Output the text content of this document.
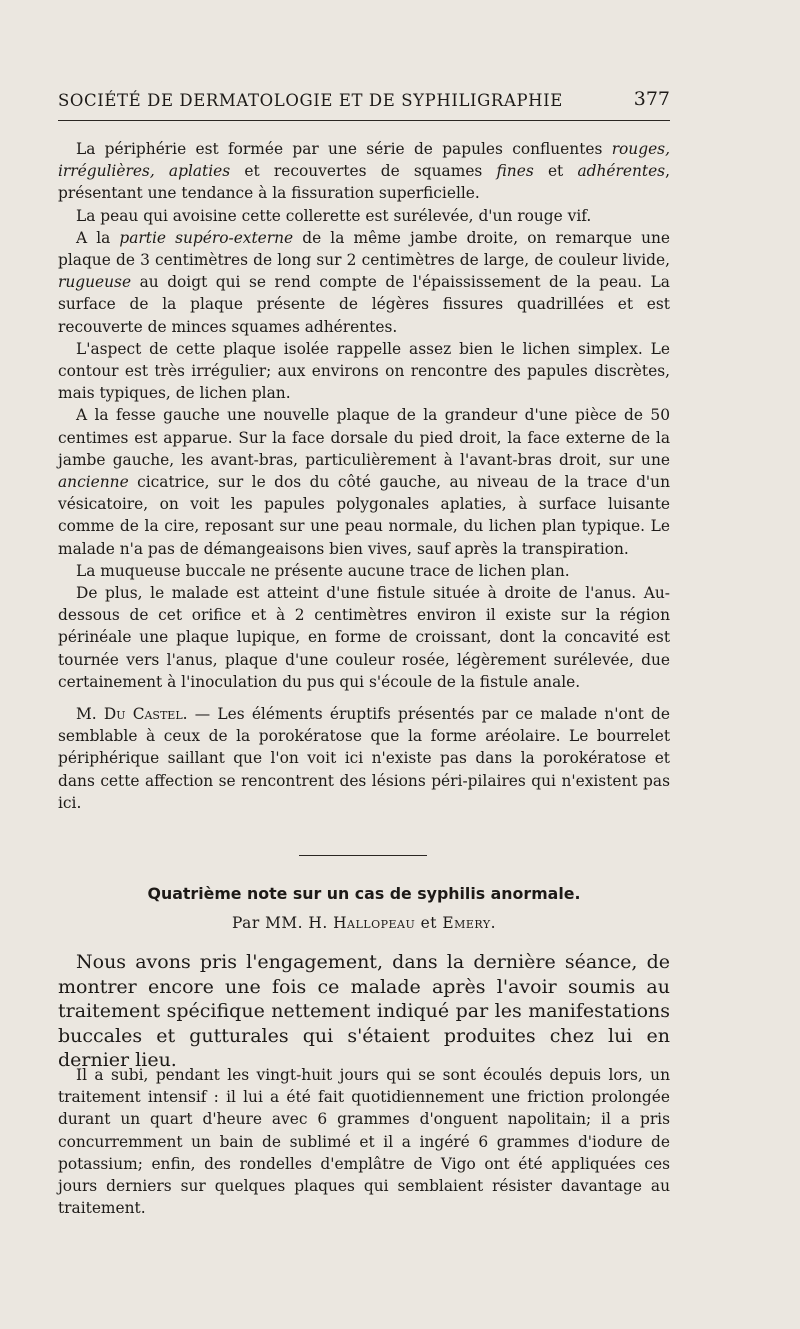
SOCIÉTÉ DE DERMATOLOGIE ET DE SYPHILIGRAPHIE	377

La périphérie est formée par une série de papules confluentes rouges, irrégulières, aplaties et recouvertes de squames fines et adhérentes, présentant une tendance à la fissuration superficielle.

La peau qui avoisine cette collerette est surélevée, d'un rouge vif.

A la partie supéro-externe de la même jambe droite, on remarque une plaque de 3 centimètres de long sur 2 centimètres de large, de couleur livide, rugueuse au doigt qui se rend compte de l'épaississement de la peau. La surface de la plaque présente de légères fissures quadrillées et est recouverte de minces squames adhérentes.

L'aspect de cette plaque isolée rappelle assez bien le lichen simplex. Le contour est très irrégulier; aux environs on rencontre des papules discrètes, mais typiques, de lichen plan.

A la fesse gauche une nouvelle plaque de la grandeur d'une pièce de 50 centimes est apparue. Sur la face dorsale du pied droit, la face externe de la jambe gauche, les avant-bras, particulièrement à l'avant-bras droit, sur une ancienne cicatrice, sur le dos du côté gauche, au niveau de la trace d'un vésicatoire, on voit les papules polygonales aplaties, à surface luisante comme de la cire, reposant sur une peau normale, du lichen plan typique. Le malade n'a pas de démangeaisons bien vives, sauf après la transpiration.

La muqueuse buccale ne présente aucune trace de lichen plan.

De plus, le malade est atteint d'une fistule située à droite de l'anus. Au-dessous de cet orifice et à 2 centimètres environ il existe sur la région périnéale une plaque lupique, en forme de croissant, dont la concavité est tournée vers l'anus, plaque d'une couleur rosée, légèrement surélevée, due certainement à l'inoculation du pus qui s'écoule de la fistule anale.

M. Du Castel. — Les éléments éruptifs présentés par ce malade n'ont de semblable à ceux de la porokératose que la forme aréolaire. Le bourrelet périphérique saillant que l'on voit ici n'existe pas dans la porokératose et dans cette affection se rencontrent des lésions péri-pilaires qui n'existent pas ici.

Quatrième note sur un cas de syphilis anormale.
Par MM. H. Hallopeau et Emery.

Nous avons pris l'engagement, dans la dernière séance, de montrer encore une fois ce malade après l'avoir soumis au traitement spécifique nettement indiqué par les manifestations buccales et gutturales qui s'étaient produites chez lui en dernier lieu.

Il a subi, pendant les vingt-huit jours qui se sont écoulés depuis lors, un traitement intensif : il lui a été fait quotidiennement une friction prolongée durant un quart d'heure avec 6 grammes d'onguent napolitain; il a pris concurremment un bain de sublimé et il a ingéré 6 grammes d'iodure de potassium; enfin, des rondelles d'emplâtre de Vigo ont été appliquées ces jours derniers sur quelques plaques qui semblaient résister davantage au traitement.
